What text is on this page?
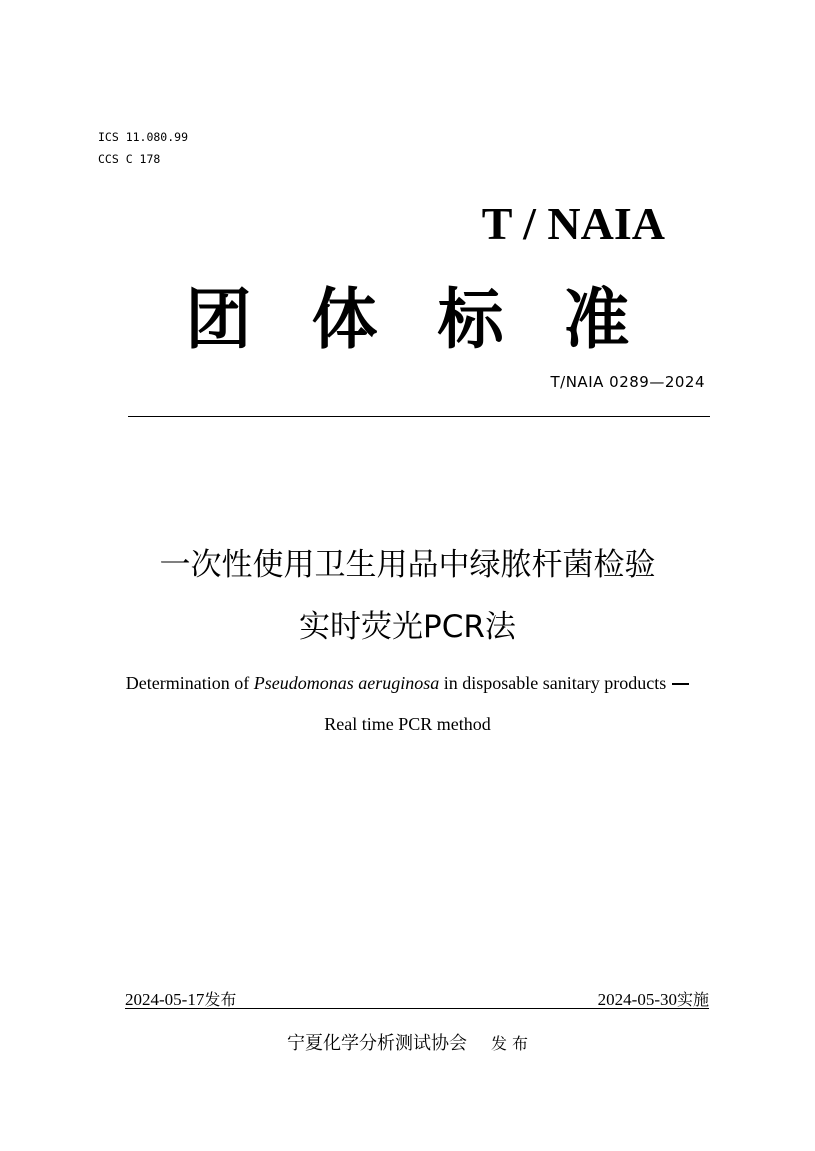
ICS 11.080.99
CCS C 178
T / NAIA
团 体 标 准
T/NAIA 0289—2024
一次性使用卫生用品中绿脓杆菌检验
实时荧光PCR法
Determination of Pseudomonas aeruginosa in disposable sanitary products
Real time PCR method
2024-05-17发布	2024-05-30实施
宁夏化学分析测试协会 发 布
